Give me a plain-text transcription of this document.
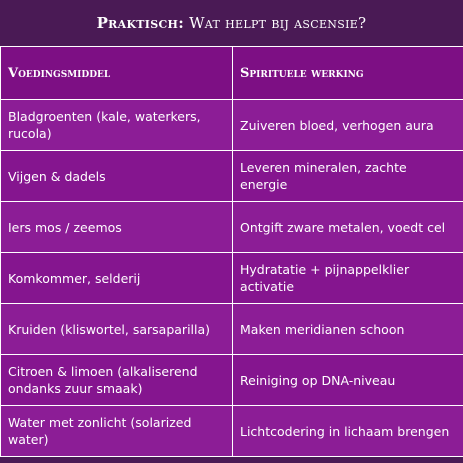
Praktisch: Wat helpt bij ascensie?
Voedingsmiddel	Spirituele werking
Bladgroenten (kale, waterkers, rucola)	Zuiveren bloed, verhogen aura
Vijgen & dadels	Leveren mineralen, zachte energie
Iers mos / zeemos	Ontgift zware metalen, voedt cel
Komkommer, selderij	Hydratatie + pijnappelklier activatie
Kruiden (kliswortel, sarsaparilla)	Maken meridianen schoon
Citroen & limoen (alkaliserend ondanks zuur smaak)	Reiniging op DNA-niveau
Water met zonlicht (solarized water)	Lichtcodering in lichaam brengen
